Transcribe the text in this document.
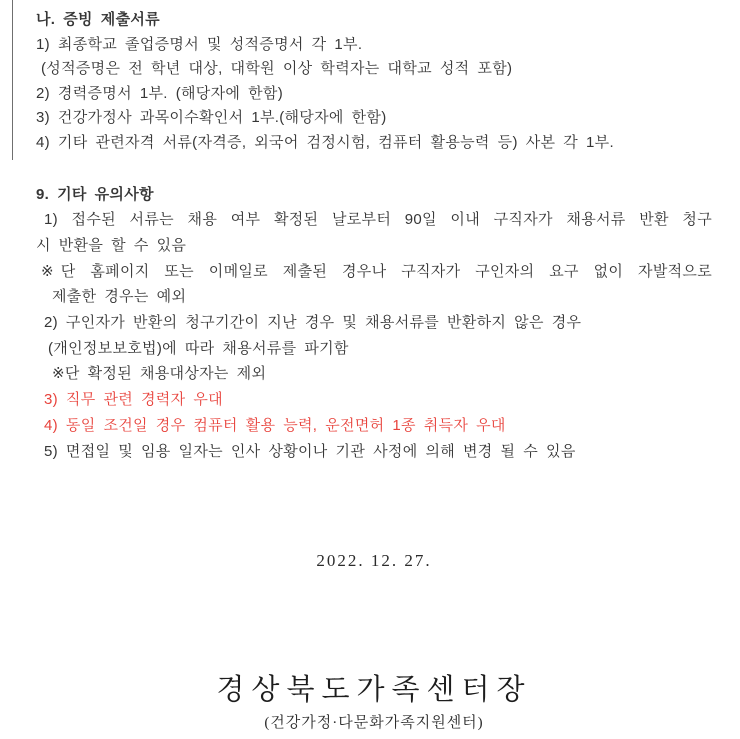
나. 증빙 제출서류
1) 최종학교 졸업증명서 및 성적증명서 각 1부.
(성적증명은 전 학년 대상, 대학원 이상 학력자는 대학교 성적 포함)
2) 경력증명서 1부. (해당자에 한함)
3) 건강가정사 과목이수확인서 1부.(해당자에 한함)
4) 기타 관련자격 서류(자격증, 외국어 검정시험, 컴퓨터 활용능력 등) 사본 각 1부.
9. 기타 유의사항
1) 접수된 서류는 채용 여부 확정된 날로부터 90일 이내 구직자가 채용서류 반환 청구
시 반환을 할 수 있음
※단 홈페이지 또는 이메일로 제출된 경우나 구직자가 구인자의 요구 없이 자발적으로
제출한 경우는 예외
2) 구인자가 반환의 청구기간이 지난 경우 및 채용서류를 반환하지 않은 경우
(개인정보보호법)에 따라 채용서류를 파기함
※단 확정된 채용대상자는 제외
3) 직무 관련 경력자 우대
4) 동일 조건일 경우 컴퓨터 활용 능력, 운전면허 1종 취득자 우대
5) 면접일 및 임용 일자는 인사 상황이나 기관 사정에 의해 변경 될 수 있음
2022. 12. 27.
경상북도가족센터장
(건강가정·다문화가족지원센터)
